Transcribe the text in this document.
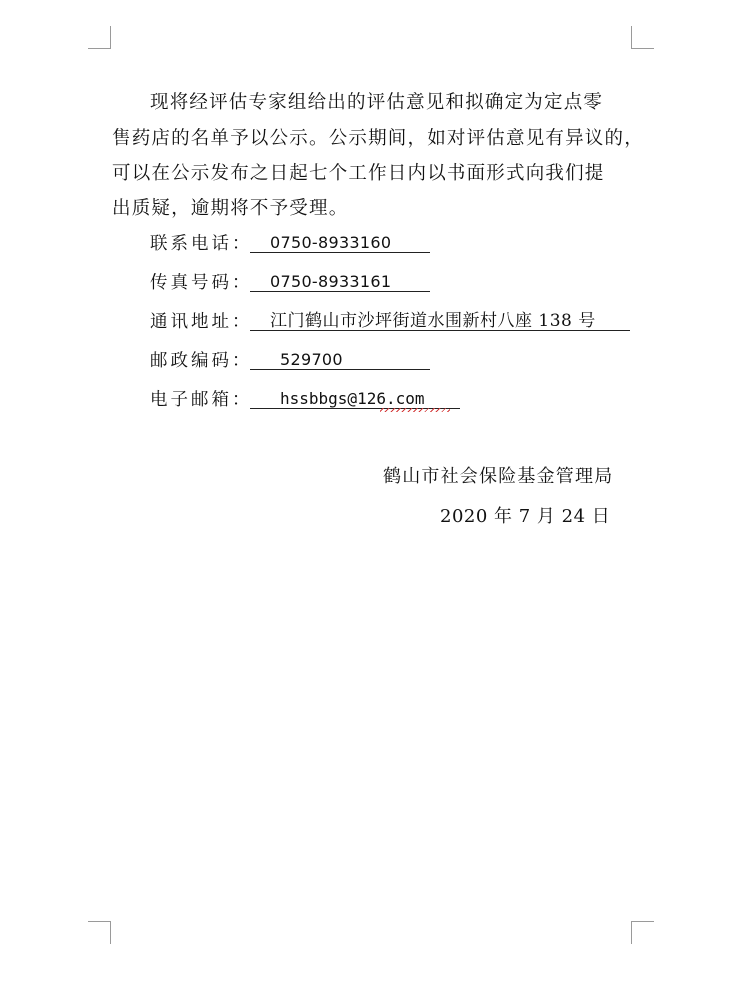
现将经评估专家组给出的评估意见和拟确定为定点零
售药店的名单予以公示。公示期间，如对评估意见有异议的，
可以在公示发布之日起七个工作日内以书面形式向我们提
出质疑，逾期将不予受理。
联系电话：	0750-8933160
传真号码：	0750-8933161
通讯地址：	江门鹤山市沙坪街道水围新村八座 138 号
邮政编码：	529700
电子邮箱：	hssbbgs@126.com
鹤山市社会保险基金管理局
2020 年 7 月 24 日
